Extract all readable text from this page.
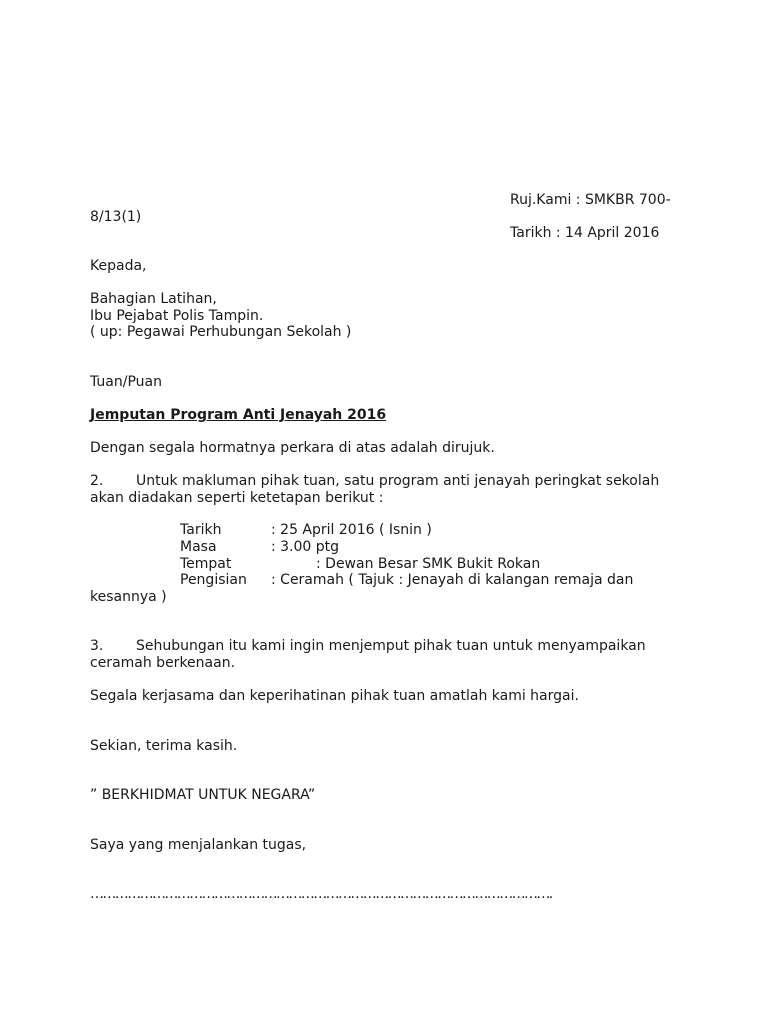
Ruj.Kami : SMKBR 700-

8/13(1)

Tarikh : 14 April 2016

Kepada,

Bahagian Latihan,

Ibu Pejabat Polis Tampin.

( up: Pegawai Perhubungan Sekolah )

Tuan/Puan

Jemputan Program Anti Jenayah 2016

Dengan segala hormatnya perkara di atas adalah dirujuk.

2. Untuk makluman pihak tuan, satu program anti jenayah peringkat sekolah

akan diadakan seperti ketetapan berikut :

Tarikh	: 25 April 2016 ( Isnin )
Masa	: 3.00 ptg
Tempat	: Dewan Besar SMK Bukit Rokan
Pengisian : Ceramah ( Tajuk : Jenayah di kalangan remaja dan
kesannya )

3. Sehubungan itu kami ingin menjemput pihak tuan untuk menyampaikan

ceramah berkenaan.

Segala kerjasama dan keperihatinan pihak tuan amatlah kami hargai.

Sekian, terima kasih.

” BERKHIDMAT UNTUK NEGARA”

Saya yang menjalankan tugas,

………………………………………………………………………………………………….
